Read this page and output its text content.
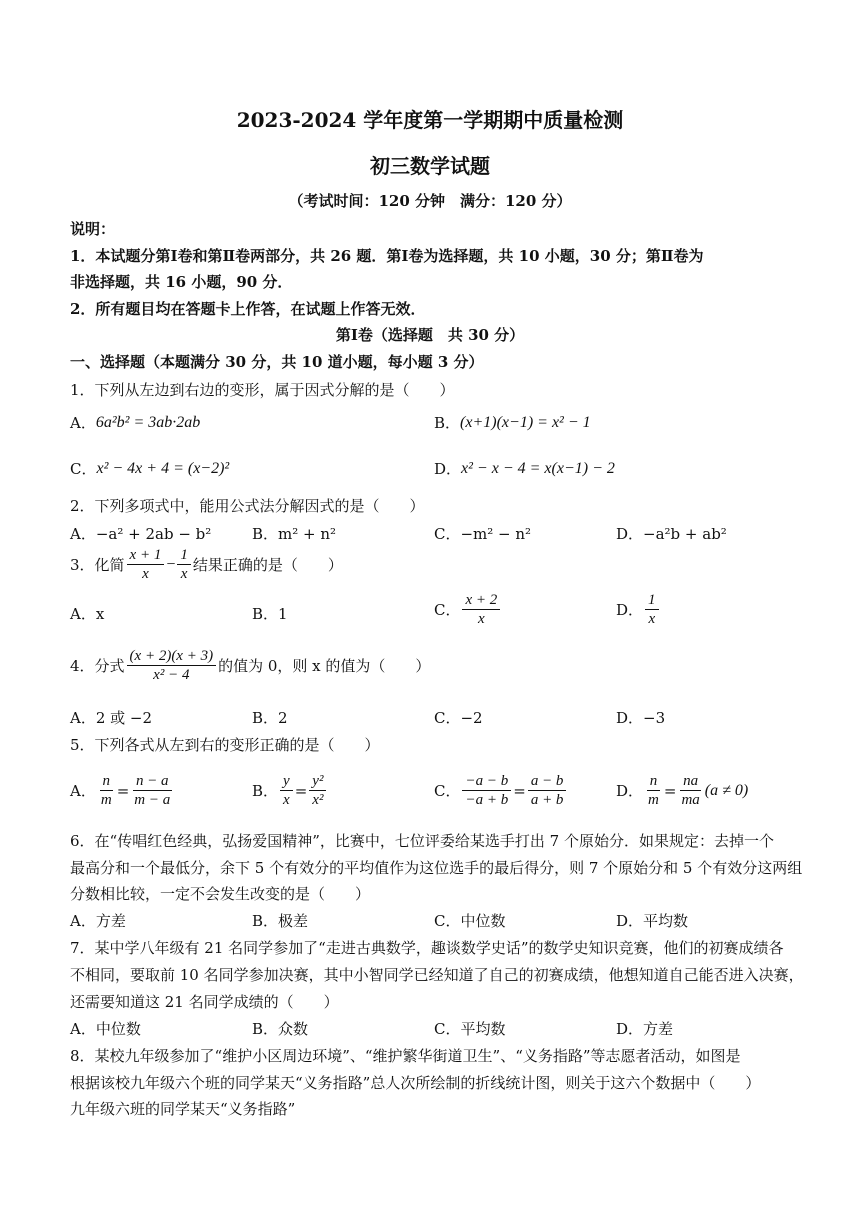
2023-2024 学年度第一学期期中质量检测
初三数学试题
（考试时间：120 分钟　满分：120 分）
说明：
1．本试题分第Ⅰ卷和第Ⅱ卷两部分，共 26 题．第Ⅰ卷为选择题，共 10 小题，30 分；第Ⅱ卷为
非选择题，共 16 小题，90 分．
2．所有题目均在答题卡上作答，在试题上作答无效．
第Ⅰ卷（选择题　共 30 分）
一、选择题（本题满分 30 分，共 10 道小题，每小题 3 分）
1．下列从左边到右边的变形，属于因式分解的是（　　）
A． 6a²b² = 3ab·2ab	B． (x+1)(x−1) = x² − 1
C． x² − 4x + 4 = (x−2)²	D． x² − x − 4 = x(x−1) − 2
2．下列多项式中，能用公式法分解因式的是（　　）
A．−a² + 2ab − b²	B．m² + n²	C．−m² − n²	D．−a²b + ab²
3．化简 $\frac{x + 1}{x} - \frac{1}{x}$ 结果正确的是（　　）
A．x	B．1	C． $\frac{x + 2}{x}$	D． $\frac{1}{x}$
4．分式 $\frac{(x + 2)(x + 3)}{\text{x² − 4}}$ 的值为 0，则 x 的值为（　　）
A．2 或 −2	B．2	C．−2	D．−3
5．下列各式从左到右的变形正确的是（　　）
A． $\frac{n}{m} = \frac{n - a}{m - a}$	B． $\frac{y}{x} = \frac{\text{y²}}{\text{x²}}$	C． $\frac{-a - b}{-a + b} = \frac{a - b}{a + b}$	D． $\frac{n}{m} = \frac{na}{ma} (a \ne 0)$
6．在“传唱红色经典，弘扬爱国精神”，比赛中，七位评委给某选手打出 7 个原始分．如果规定：去掉一个
最高分和一个最低分，余下 5 个有效分的平均值作为这位选手的最后得分，则 7 个原始分和 5 个有效分这两组
分数相比较，一定不会发生改变的是（　　）
A．方差	B．极差	C．中位数	D．平均数
7．某中学八年级有 21 名同学参加了“走进古典数学，趣谈数学史话”的数学史知识竞赛，他们的初赛成绩各
不相同，要取前 10 名同学参加决赛，其中小智同学已经知道了自己的初赛成绩，他想知道自己能否进入决赛，
还需要知道这 21 名同学成绩的（　　）
A．中位数	B．众数	C．平均数	D．方差
8．某校九年级参加了“维护小区周边环境”、“维护繁华街道卫生”、“义务指路”等志愿者活动，如图是
根据该校九年级六个班的同学某天“义务指路”总人次所绘制的折线统计图，则关于这六个数据中（　　）
九年级六班的同学某天“义务指路”
